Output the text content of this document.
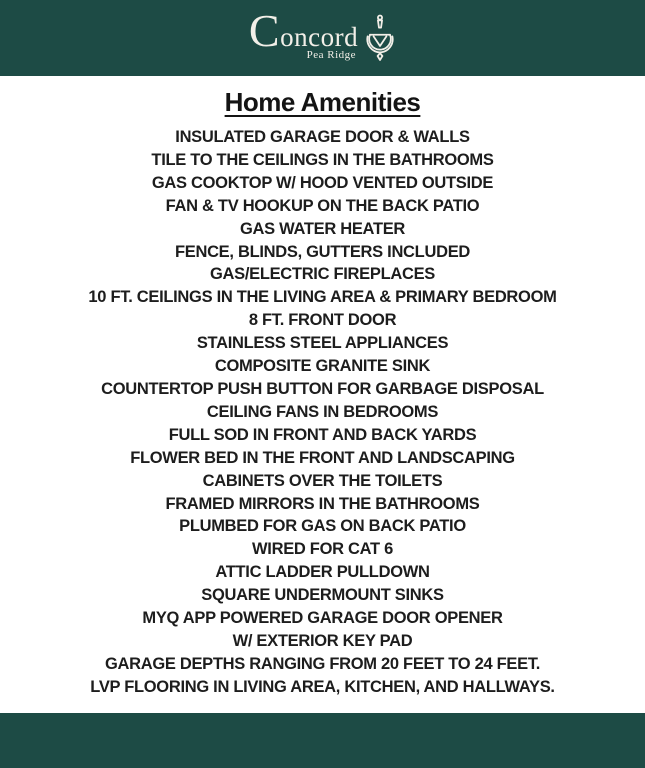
Concord
Pea Ridge
Home Amenities
INSULATED GARAGE DOOR & WALLS
TILE TO THE CEILINGS IN THE BATHROOMS
GAS COOKTOP W/ HOOD VENTED OUTSIDE
FAN & TV HOOKUP ON THE BACK PATIO
GAS WATER HEATER
FENCE, BLINDS, GUTTERS INCLUDED
GAS/ELECTRIC FIREPLACES
10 FT. CEILINGS IN THE LIVING AREA & PRIMARY BEDROOM
8 FT. FRONT DOOR
STAINLESS STEEL APPLIANCES
COMPOSITE GRANITE SINK
COUNTERTOP PUSH BUTTON FOR GARBAGE DISPOSAL
CEILING FANS IN BEDROOMS
FULL SOD IN FRONT AND BACK YARDS
FLOWER BED IN THE FRONT AND LANDSCAPING
CABINETS OVER THE TOILETS
FRAMED MIRRORS IN THE BATHROOMS
PLUMBED FOR GAS ON BACK PATIO
WIRED FOR CAT 6
ATTIC LADDER PULLDOWN
SQUARE UNDERMOUNT SINKS
MYQ APP POWERED GARAGE DOOR OPENER
W/ EXTERIOR KEY PAD
GARAGE DEPTHS RANGING FROM 20 FEET TO 24 FEET.
LVP FLOORING IN LIVING AREA, KITCHEN, AND HALLWAYS.
